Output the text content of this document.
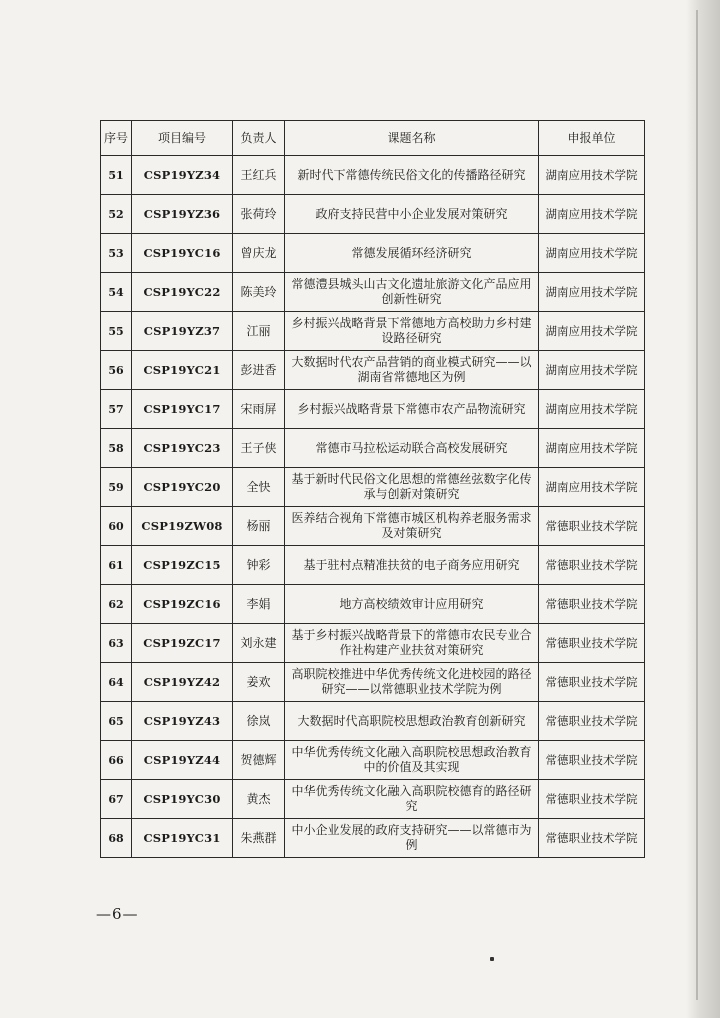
序号	项目编号	负责人	课题名称	申报单位
51	CSP19YZ34	王红兵	新时代下常德传统民俗文化的传播路径研究	湖南应用技术学院
52	CSP19YZ36	张荷玲	政府支持民营中小企业发展对策研究	湖南应用技术学院
53	CSP19YC16	曾庆龙	常德发展循环经济研究	湖南应用技术学院
54	CSP19YC22	陈美玲	常德澧县城头山古文化遗址旅游文化产品应用创新性研究	湖南应用技术学院
55	CSP19YZ37	江丽	乡村振兴战略背景下常德地方高校助力乡村建设路径研究	湖南应用技术学院
56	CSP19YC21	彭进香	大数据时代农产品营销的商业模式研究——以湖南省常德地区为例	湖南应用技术学院
57	CSP19YC17	宋雨屏	乡村振兴战略背景下常德市农产品物流研究	湖南应用技术学院
58	CSP19YC23	王子侠	常德市马拉松运动联合高校发展研究	湖南应用技术学院
59	CSP19YC20	全快	基于新时代民俗文化思想的常德丝弦数字化传承与创新对策研究	湖南应用技术学院
60	CSP19ZW08	杨丽	医养结合视角下常德市城区机构养老服务需求及对策研究	常德职业技术学院
61	CSP19ZC15	钟彩	基于驻村点精准扶贫的电子商务应用研究	常德职业技术学院
62	CSP19ZC16	李娟	地方高校绩效审计应用研究	常德职业技术学院
63	CSP19ZC17	刘永建	基于乡村振兴战略背景下的常德市农民专业合作社构建产业扶贫对策研究	常德职业技术学院
64	CSP19YZ42	姜欢	高职院校推进中华优秀传统文化进校园的路径研究——以常德职业技术学院为例	常德职业技术学院
65	CSP19YZ43	徐岚	大数据时代高职院校思想政治教育创新研究	常德职业技术学院
66	CSP19YZ44	贺德辉	中华优秀传统文化融入高职院校思想政治教育中的价值及其实现	常德职业技术学院
67	CSP19YC30	黄杰	中华优秀传统文化融入高职院校德育的路径研究	常德职业技术学院
68	CSP19YC31	朱燕群	中小企业发展的政府支持研究——以常德市为例	常德职业技术学院
—6—
